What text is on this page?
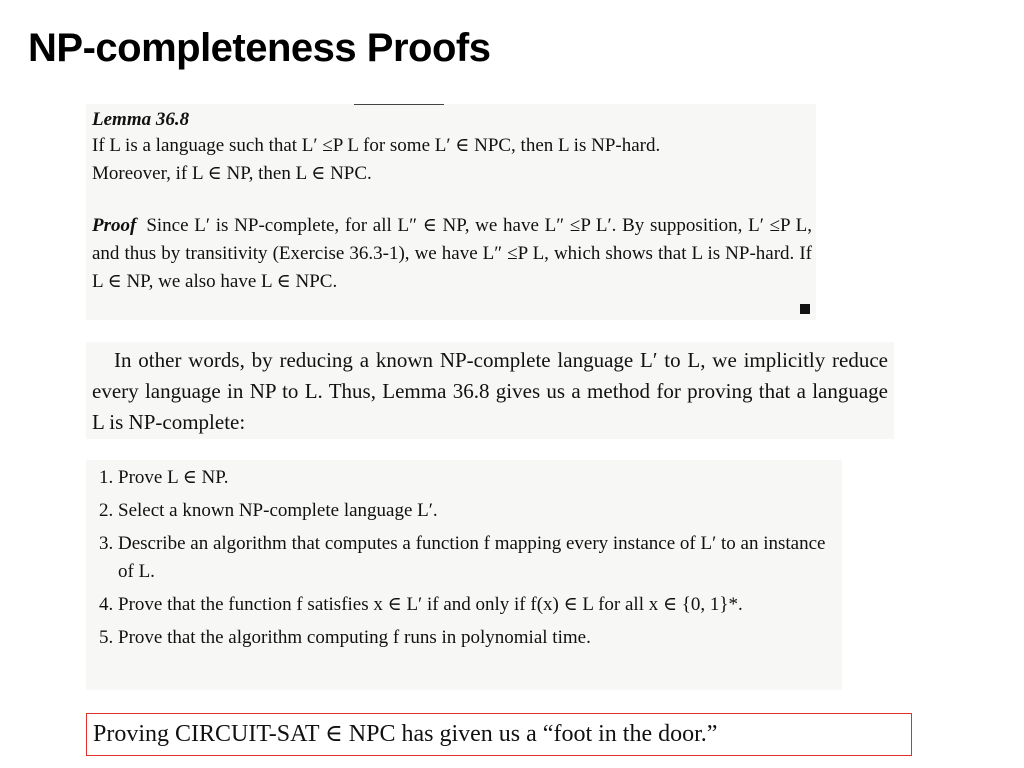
NP-completeness Proofs
Lemma 36.8
If L is a language such that L′ ≤P L for some L′ ∈ NPC, then L is NP-hard.
Moreover, if L ∈ NP, then L ∈ NPC.
Proof Since L′ is NP-complete, for all L″ ∈ NP, we have L″ ≤P L′. By supposition, L′ ≤P L, and thus by transitivity (Exercise 36.3-1), we have L″ ≤P L, which shows that L is NP-hard. If L ∈ NP, we also have L ∈ NPC.

In other words, by reducing a known NP-complete language L′ to L, we implicitly reduce every language in NP to L. Thus, Lemma 36.8 gives us a method for proving that a language L is NP-complete:

1. Prove L ∈ NP.
2. Select a known NP-complete language L′.
3. Describe an algorithm that computes a function f mapping every instance of L′ to an instance of L.
4. Prove that the function f satisfies x ∈ L′ if and only if f(x) ∈ L for all x ∈ {0, 1}*.
5. Prove that the algorithm computing f runs in polynomial time.
Proving CIRCUIT-SAT ∈ NPC has given us a “foot in the door.”
